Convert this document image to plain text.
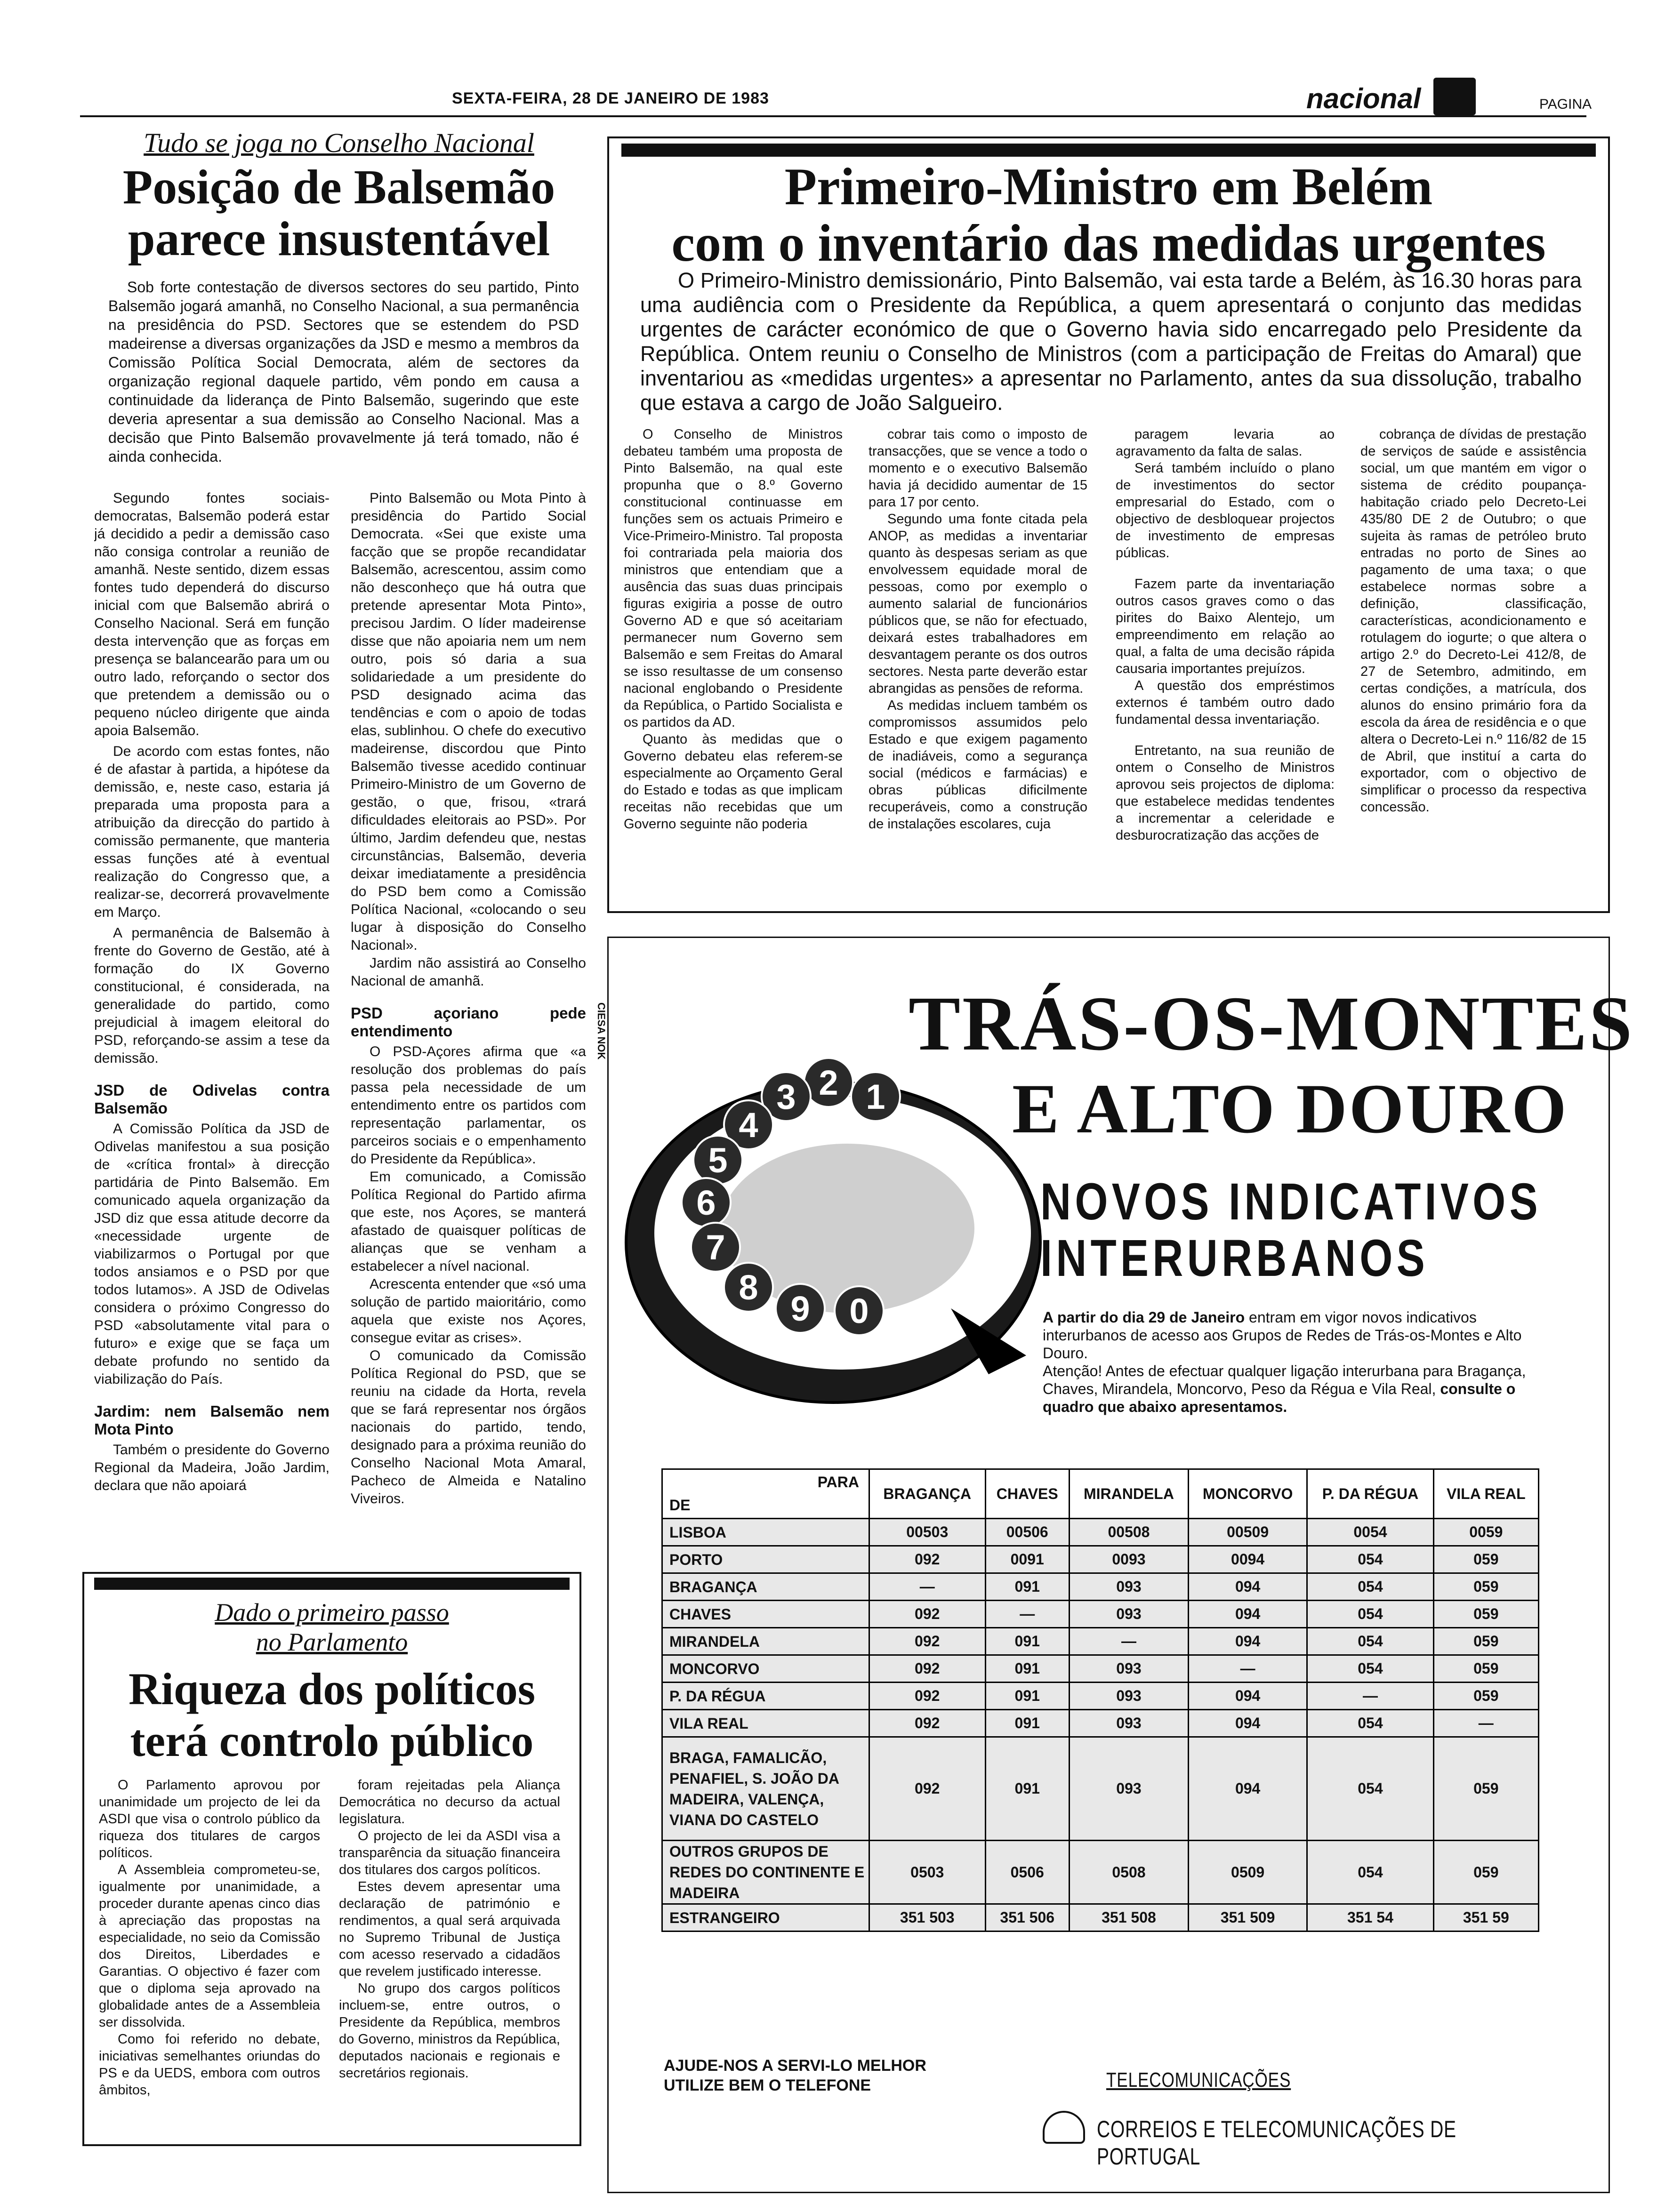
SEXTA-FEIRA, 28 DE JANEIRO DE 1983	nacional	PAGINA
Tudo se joga no Conselho Nacional
Posição de Balsemão
parece insustentável

Sob forte contestação de diversos sectores do seu partido, Pinto Balsemão jogará amanhã, no Conselho Nacional, a sua permanência na presidência do PSD. Sectores que se estendem do PSD madeirense a diversas organizações da JSD e mesmo a membros da Comissão Política Social Democrata, além de sectores da organização regional daquele partido, vêm pondo em causa a continuidade da liderança de Pinto Balsemão, sugerindo que este deveria apresentar a sua demissão ao Conselho Nacional. Mas a decisão que Pinto Balsemão provavelmente já terá tomado, não é ainda conhecida.

Segundo fontes sociais-democratas, Balsemão poderá estar já decidido a pedir a demissão caso não consiga controlar a reunião de amanhã. Neste sentido, dizem essas fontes tudo dependerá do discurso inicial com que Balsemão abrirá o Conselho Nacional. Será em função desta intervenção que as forças em presença se balancearão para um ou outro lado, reforçando o sector dos que pretendem a demissão ou o pequeno núcleo dirigente que ainda apoia Balsemão.

De acordo com estas fontes, não é de afastar à partida, a hipótese da demissão, e, neste caso, estaria já preparada uma proposta para a atribuição da direcção do partido à comissão permanente, que manteria essas funções até à eventual realização do Congresso que, a realizar-se, decorrerá provavelmente em Março.

A permanência de Balsemão à frente do Governo de Gestão, até à formação do IX Governo constitucional, é considerada, na generalidade do partido, como prejudicial à imagem eleitoral do PSD, reforçando-se assim a tese da demissão.

JSD de Odivelas contra Balsemão

A Comissão Política da JSD de Odivelas manifestou a sua posição de «crítica frontal» à direcção partidária de Pinto Balsemão. Em comunicado aquela organização da JSD diz que essa atitude decorre da «necessidade urgente de viabilizarmos o Portugal por que todos ansiamos e o PSD por que todos lutamos». A JSD de Odivelas considera o próximo Congresso do PSD «absolutamente vital para o futuro» e exige que se faça um debate profundo no sentido da viabilização do País.

Jardim: nem Balsemão nem Mota Pinto

Também o presidente do Governo Regional da Madeira, João Jardim, declara que não apoiará

Pinto Balsemão ou Mota Pinto à presidência do Partido Social Democrata. «Sei que existe uma facção que se propõe recandidatar Balsemão, acrescentou, assim como não desconheço que há outra que pretende apresentar Mota Pinto», precisou Jardim. O líder madeirense disse que não apoiaria nem um nem outro, pois só daria a sua solidariedade a um presidente do PSD designado acima das tendências e com o apoio de todas elas, sublinhou. O chefe do executivo madeirense, discordou que Pinto Balsemão tivesse acedido continuar Primeiro-Ministro de um Governo de gestão, o que, frisou, «trará dificuldades eleitorais ao PSD». Por último, Jardim defendeu que, nestas circunstâncias, Balsemão, deveria deixar imediatamente a presidência do PSD bem como a Comissão Política Nacional, «colocando o seu lugar à disposição do Conselho Nacional».

Jardim não assistirá ao Conselho Nacional de amanhã.

PSD açoriano pede entendimento

O PSD-Açores afirma que «a resolução dos problemas do país passa pela necessidade de um entendimento entre os partidos com representação parlamentar, os parceiros sociais e o empenhamento do Presidente da República».

Em comunicado, a Comissão Política Regional do Partido afirma que este, nos Açores, se manterá afastado de quaisquer políticas de alianças que se venham a estabelecer a nível nacional.

Acrescenta entender que «só uma solução de partido maioritário, como aquela que existe nos Açores, consegue evitar as crises».

O comunicado da Comissão Política Regional do PSD, que se reuniu na cidade da Horta, revela que se fará representar nos órgãos nacionais do partido, tendo, designado para a próxima reunião do Conselho Nacional Mota Amaral, Pacheco de Almeida e Natalino Viveiros.

Primeiro-Ministro em Belém
com o inventário das medidas urgentes

O Primeiro-Ministro demissionário, Pinto Balsemão, vai esta tarde a Belém, às 16.30 horas para uma audiência com o Presidente da República, a quem apresentará o conjunto das medidas urgentes de carácter económico de que o Governo havia sido encarregado pelo Presidente da República. Ontem reuniu o Conselho de Ministros (com a participação de Freitas do Amaral) que inventariou as «medidas urgentes» a apresentar no Parlamento, antes da sua dissolução, trabalho que estava a cargo de João Salgueiro.

O Conselho de Ministros debateu também uma proposta de Pinto Balsemão, na qual este propunha que o 8.º Governo constitucional continuasse em funções sem os actuais Primeiro e Vice-Primeiro-Ministro. Tal proposta foi contrariada pela maioria dos ministros que entendiam que a ausência das suas duas principais figuras exigiria a posse de outro Governo AD e que só aceitariam permanecer num Governo sem Balsemão e sem Freitas do Amaral se isso resultasse de um consenso nacional englobando o Presidente da República, o Partido Socialista e os partidos da AD.

Quanto às medidas que o Governo debateu elas referem-se especialmente ao Orçamento Geral do Estado e todas as que implicam receitas não recebidas que um Governo seguinte não poderia

cobrar tais como o imposto de transacções, que se vence a todo o momento e o executivo Balsemão havia já decidido aumentar de 15 para 17 por cento.

Segundo uma fonte citada pela ANOP, as medidas a inventariar quanto às despesas seriam as que envolvessem equidade moral de pessoas, como por exemplo o aumento salarial de funcionários públicos que, se não for efectuado, deixará estes trabalhadores em desvantagem perante os dos outros sectores. Nesta parte deverão estar abrangidas as pensões de reforma.

As medidas incluem também os compromissos assumidos pelo Estado e que exigem pagamento de inadiáveis, como a segurança social (médicos e farmácias) e obras públicas dificilmente recuperáveis, como a construção de instalações escolares, cuja

paragem levaria ao agravamento da falta de salas.

Será também incluído o plano de investimentos do sector empresarial do Estado, com o objectivo de desbloquear projectos de investimento de empresas públicas.

Fazem parte da inventariação outros casos graves como o das pirites do Baixo Alentejo, um empreendimento em relação ao qual, a falta de uma decisão rápida causaria importantes prejuízos.

A questão dos empréstimos externos é também outro dado fundamental dessa inventariação.

Entretanto, na sua reunião de ontem o Conselho de Ministros aprovou seis projectos de diploma: que estabelece medidas tendentes a incrementar a celeridade e desburocratização das acções de

cobrança de dívidas de prestação de serviços de saúde e assistência social, um que mantém em vigor o sistema de crédito poupança-habitação criado pelo Decreto-Lei 435/80 DE 2 de Outubro; o que sujeita às ramas de petróleo bruto entradas no porto de Sines ao pagamento de uma taxa; o que estabelece normas sobre a definição, classificação, características, acondicionamento e rotulagem do iogurte; o que altera o artigo 2.º do Decreto-Lei 412/8, de 27 de Setembro, admitindo, em certas condições, a matrícula, dos alunos do ensino primário fora da escola da área de residência e o que altera o Decreto-Lei n.º 116/82 de 15 de Abril, que instituí a carta do exportador, com o objectivo de simplificar o processo da respectiva concessão.

CIESA NOK
1
2
3
4
5
6
7
8
9 0
TRÁS-OS-MONTES
E ALTO DOURO
NOVOS INDICATIVOS
INTERURBANOS
A partir do dia 29 de Janeiro entram em vigor novos indicativos interurbanos de acesso aos Grupos de Redes de Trás-os-Montes e Alto Douro.
Atenção! Antes de efectuar qualquer ligação interurbana para Bragança, Chaves, Mirandela, Moncorvo, Peso da Régua e Vila Real, consulte o quadro que abaixo apresentamos.
PARA
DE	BRAGANÇA	CHAVES	MIRANDELA	MONCORVO	P. DA RÉGUA	VILA REAL
LISBOA	00503	00506	00508	00509	0054	0059
PORTO	092	0091	0093	0094	054	059
BRAGANÇA	—	091	093	094	054	059
CHAVES	092	—	093	094	054	059
MIRANDELA	092	091	—	094	054	059
MONCORVO	092	091	093	—	054	059
P. DA RÉGUA	092	091	093	094	—	059
VILA REAL	092	091	093	094	054	—
BRAGA, FAMALICÃO, PENAFIEL, S. JOÃO DA MADEIRA, VALENÇA, VIANA DO CASTELO	092	091	093	094	054	059
OUTROS GRUPOS DE REDES DO CONTINENTE E MADEIRA	0503	0506	0508	0509	054	059
ESTRANGEIRO	351 503	351 506	351 508	351 509	351 54	351 59
AJUDE-NOS A SERVI-LO MELHOR
UTILIZE BEM O TELEFONE	TELECOMUNICAÇÕES
CORREIOS E TELECOMUNICAÇÕES DE PORTUGAL
Dado o primeiro passo
no Parlamento
Riqueza dos políticos
terá controlo público

O Parlamento aprovou por unanimidade um projecto de lei da ASDI que visa o controlo público da riqueza dos titulares de cargos políticos.

A Assembleia comprometeu-se, igualmente por unanimidade, a proceder durante apenas cinco dias à apreciação das propostas na especialidade, no seio da Comissão dos Direitos, Liberdades e Garantias. O objectivo é fazer com que o diploma seja aprovado na globalidade antes de a Assembleia ser dissolvida.

Como foi referido no debate, iniciativas semelhantes oriundas do PS e da UEDS, embora com outros âmbitos,

foram rejeitadas pela Aliança Democrática no decurso da actual legislatura.

O projecto de lei da ASDI visa a transparência da situação financeira dos titulares dos cargos políticos.

Estes devem apresentar uma declaração de património e rendimentos, a qual será arquivada no Supremo Tribunal de Justiça com acesso reservado a cidadãos que revelem justificado interesse.

No grupo dos cargos políticos incluem-se, entre outros, o Presidente da República, membros do Governo, ministros da República, deputados nacionais e regionais e secretários regionais.
